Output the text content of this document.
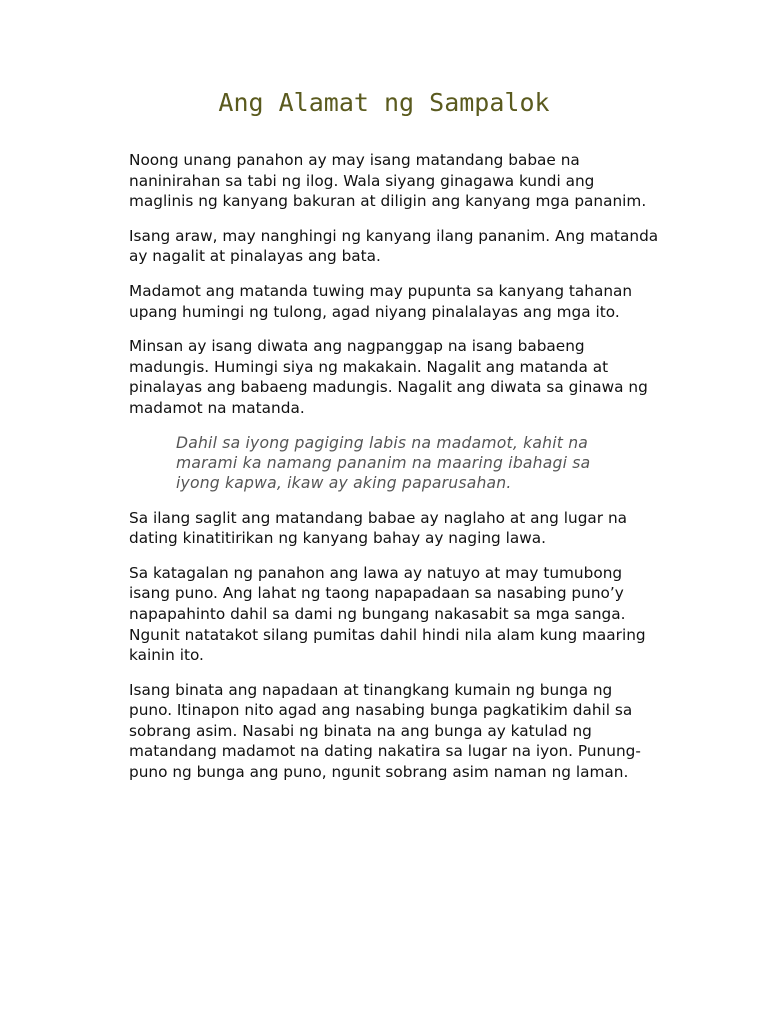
Ang Alamat ng Sampalok

Noong unang panahon ay may isang matandang babae na naninirahan sa tabi ng ilog. Wala siyang ginagawa kundi ang maglinis ng kanyang bakuran at diligin ang kanyang mga pananim.

Isang araw, may nanghingi ng kanyang ilang pananim. Ang matanda ay nagalit at pinalayas ang bata.

Madamot ang matanda tuwing may pupunta sa kanyang tahanan upang humingi ng tulong, agad niyang pinalalayas ang mga ito.

Minsan ay isang diwata ang nagpanggap na isang babaeng madungis. Humingi siya ng makakain. Nagalit ang matanda at pinalayas ang babaeng madungis. Nagalit ang diwata sa ginawa ng madamot na matanda.

Dahil sa iyong pagiging labis na madamot, kahit na marami ka namang pananim na maaring ibahagi sa iyong kapwa, ikaw ay aking paparusahan.

Sa ilang saglit ang matandang babae ay naglaho at ang lugar na dating kinatitirikan ng kanyang bahay ay naging lawa.

Sa katagalan ng panahon ang lawa ay natuyo at may tumubong isang puno. Ang lahat ng taong napapadaan sa nasabing puno’y napapahinto dahil sa dami ng bungang nakasabit sa mga sanga. Ngunit natatakot silang pumitas dahil hindi nila alam kung maaring kainin ito.

Isang binata ang napadaan at tinangkang kumain ng bunga ng puno. Itinapon nito agad ang nasabing bunga pagkatikim dahil sa sobrang asim. Nasabi ng binata na ang bunga ay katulad ng matandang madamot na dating nakatira sa lugar na iyon. Punung-puno ng bunga ang puno, ngunit sobrang asim naman ng laman.
